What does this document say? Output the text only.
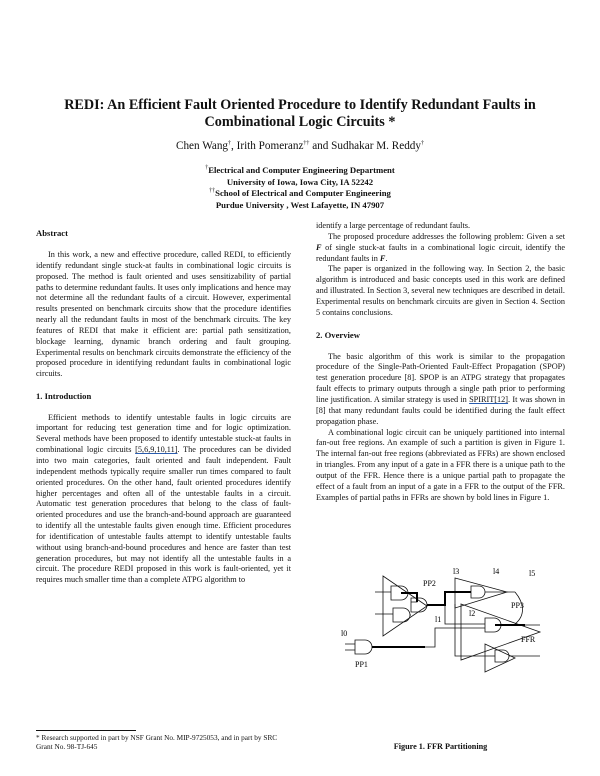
REDI: An Efficient Fault Oriented Procedure to Identify Redundant Faults in Combinational Logic Circuits *
Chen Wang†, Irith Pomeranz†† and Sudhakar M. Reddy†
†Electrical and Computer Engineering Department
University of Iowa, Iowa City, IA 52242
††School of Electrical and Computer Engineering
Purdue University , West Lafayette, IN 47907
Abstract

In this work, a new and effective procedure, called REDI, to efficiently identify redundant single stuck-at faults in combinational logic circuits is proposed. The method is fault oriented and uses sensitizability of partial paths to determine redundant faults. It uses only implications and hence may not determine all the redundant faults of a circuit. However, experimental results presented on benchmark circuits show that the procedure identifies nearly all the redundant faults in most of the benchmark circuits. The key features of REDI that make it efficient are: partial path sensitization, blockage learning, dynamic branch ordering and fault grouping. Experimental results on benchmark circuits demonstrate the efficiency of the proposed procedure in identifying redundant faults in combinational logic circuits.

1. Introduction

Efficient methods to identify untestable faults in logic circuits are important for reducing test generation time and for logic optimization. Several methods have been proposed to identify untestable stuck-at faults in combinational logic circuits [5,6,9,10,11]. The procedures can be divided into two main categories, fault oriented and fault independent. Fault independent methods typically require smaller run times compared to fault oriented procedures. On the other hand, fault oriented procedures identify higher percentages and often all of the untestable faults in a circuit. Automatic test generation procedures that belong to the class of fault-oriented procedures and use the branch-and-bound approach are guaranteed to identify all the untestable faults given enough time. Efficient procedures for identification of untestable faults attempt to identify untestable faults without using branch-and-bound procedures and hence are faster than test generation procedures, but may not identify all the untestable faults in a circuit. The procedure REDI proposed in this work is fault-oriented, yet it requires much smaller time than a complete ATPG algorithm to

* Research supported in part by NSF Grant No. MIP-9725053, and in part by SRC Grant No. 98-TJ-645
identify a large percentage of redundant faults.

The proposed procedure addresses the following problem: Given a set F of single stuck-at faults in a combinational logic circuit, identify the redundant faults in F.

The paper is organized in the following way. In Section 2, the basic algorithm is introduced and basic concepts used in this work are defined and illustrated. In Section 3, several new techniques are described in detail. Experimental results on benchmark circuits are given in Section 4. Section 5 contains conclusions.

2. Overview

The basic algorithm of this work is similar to the propagation procedure of the Single-Path-Oriented Fault-Effect Propagation (SPOP) test generation procedure [8]. SPOP is an ATPG strategy that propagates fault effects to primary outputs through a single path prior to performing line justification. A similar strategy is used in SPIRIT[12]. It was shown in [8] that many redundant faults could be identified during the fault effect propagation phase.

A combinational logic circuit can be uniquely partitioned into internal fan-out free regions. An example of such a partition is given in Figure 1. The internal fan-out free regions (abbreviated as FFRs) are shown enclosed in triangles. From any input of a gate in a FFR there is a unique path to the output of the FFR. Hence there is a unique partial path to propagate the effect of a fault from an input of a gate in a FFR to the output of the FFR. Examples of partial paths in FFRs are shown by bold lines in Figure 1.

l3	l4	l5
PP2
PP3
l1
l2
l0
PP1
FFR
Figure 1. FFR Partitioning
